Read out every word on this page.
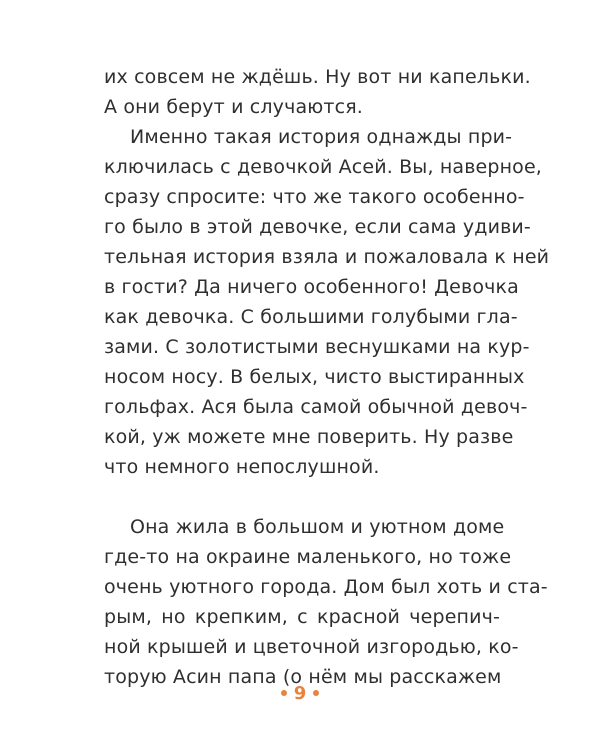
их совсем не ждёшь. Ну вот ни капельки.
А они берут и случаются.
Именно такая история однажды при-
ключилась с девочкой Асей. Вы, наверное,
сразу спросите: что же такого особенно-
го было в этой девочке, если сама удиви-
тельная история взяла и пожаловала к ней
в гости? Да ничего особенного! Девочка
как девочка. С большими голубыми гла-
зами. С золотистыми веснушками на кур-
носом носу. В белых, чисто выстиранных
гольфах. Ася была самой обычной девоч-
кой, уж можете мне поверить. Ну разве
что немного непослушной.
Она жила в большом и уютном доме
где-то на окраине маленького, но тоже
очень уютного города. Дом был хоть и ста-
рым, но крепким, с красной черепич-
ной крышей и цветочной изгородью, ко-
торую Асин папа (о нём мы расскажем
9
